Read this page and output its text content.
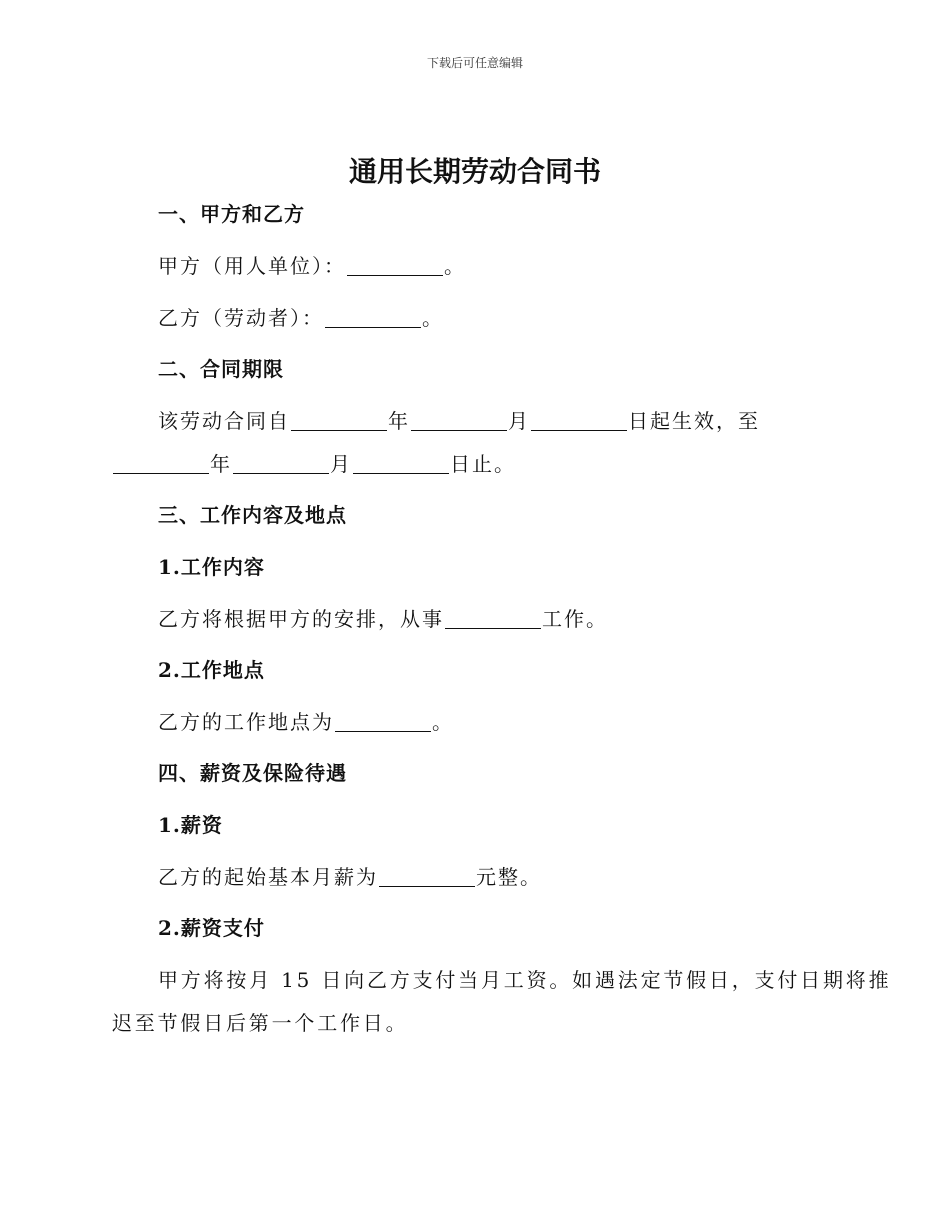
下载后可任意编辑
通用长期劳动合同书
一、甲方和乙方
甲方（用人单位）：	。
乙方（劳动者）：	。
二、合同期限
该劳动合同自	年	月	日起生效，至
年	月	日止。
三、工作内容及地点
1.工作内容
乙方将根据甲方的安排，从事	工作。
2.工作地点
乙方的工作地点为	。
四、薪资及保险待遇
1.薪资
乙方的起始基本月薪为	元整。
2.薪资支付
甲方将按月 15 日向乙方支付当月工资。如遇法定节假日，支付日期将推
迟至节假日后第一个工作日。
